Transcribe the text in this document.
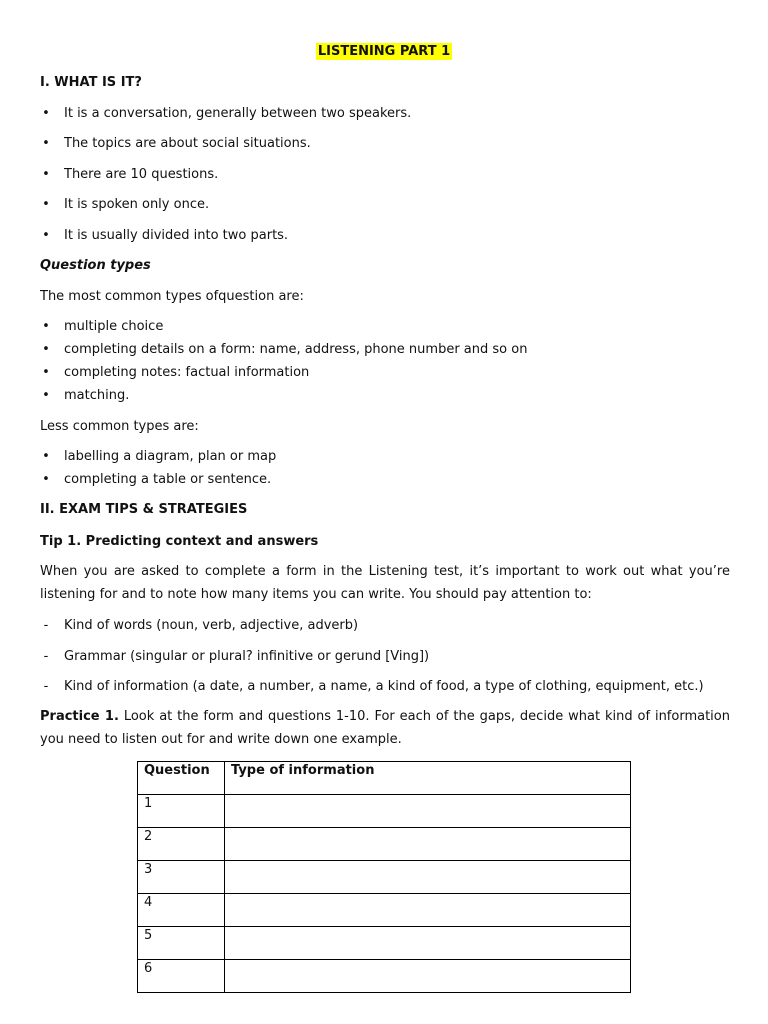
LISTENING PART 1
I. WHAT IS IT?
• It is a conversation, generally between two speakers.
• The topics are about social situations.
• There are 10 questions.
• It is spoken only once.
• It is usually divided into two parts.
Question types
The most common types ofquestion are:
• multiple choice
• completing details on a form: name, address, phone number and so on
• completing notes: factual information
• matching.
Less common types are:
• labelling a diagram, plan or map
• completing a table or sentence.
II. EXAM TIPS & STRATEGIES
Tip 1. Predicting context and answers
When you are asked to complete a form in the Listening test, it’s important to work out what you’re listening for and to note how many items you can write. You should pay attention to:
- Kind of words (noun, verb, adjective, adverb)
- Grammar (singular or plural? infinitive or gerund [Ving])
- Kind of information (a date, a number, a name, a kind of food, a type of clothing, equipment, etc.)
Practice 1. Look at the form and questions 1-10. For each of the gaps, decide what kind of information you need to listen out for and write down one example.
Question	Type of information
1	
2	
3	
4	
5	
6	
